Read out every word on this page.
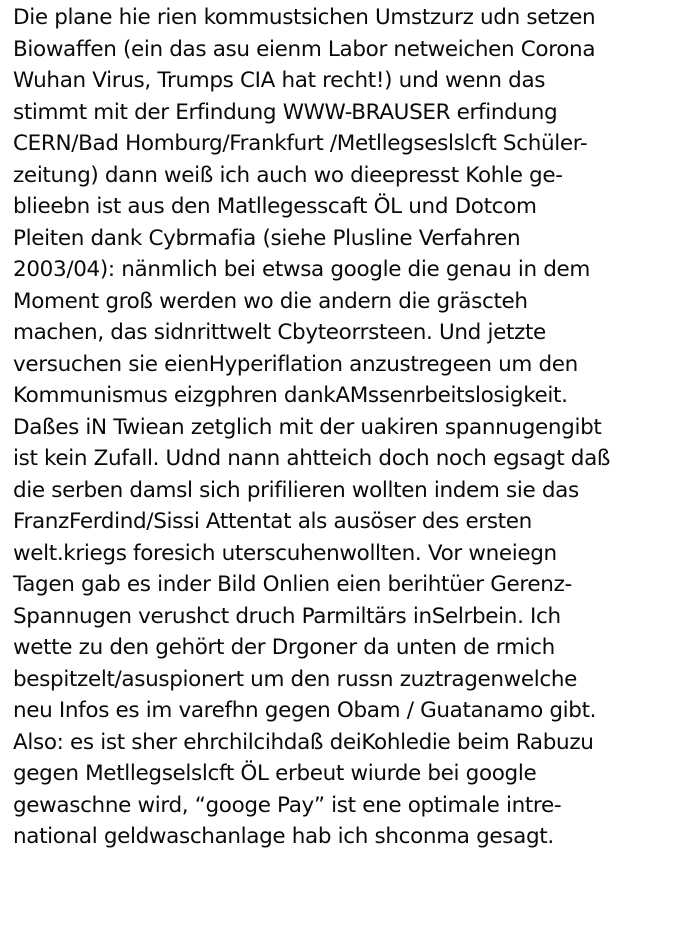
Die plane hie rien kommustsichen Umstzurz udn setzen
Biowaffen (ein das asu eienm Labor netweichen Corona
Wuhan Virus, Trumps CIA hat recht!) und wenn das
stimmt mit der Erfindung WWW-BRAUSER erfindung
CERN/Bad Homburg/Frankfurt /Metllegseslslcft Schüler-
zeitung) dann weiß ich auch wo dieepresst Kohle ge-
blieebn ist aus den Matllegesscaft ÖL und Dotcom
Pleiten dank Cybrmafia (siehe Plusline Verfahren
2003/04): nänmlich bei etwsa google die genau in dem
Moment groß werden wo die andern die gräscteh
machen, das sidnrittwelt Cbyteorrsteen. Und jetzte
versuchen sie eienHyperiflation anzustregeen um den
Kommunismus eizgphren dankAMssenrbeitslosigkeit.
Daßes iN Twiean zetglich mit der uakiren spannugengibt
ist kein Zufall. Udnd nann ahtteich doch noch egsagt daß
die serben damsl sich prifilieren wollten indem sie das
FranzFerdind/Sissi Attentat als ausöser des ersten
welt.kriegs foresich uterscuhenwollten. Vor wneiegn
Tagen gab es inder Bild Onlien eien berihtüer Gerenz-
Spannugen verushct druch Parmiltärs inSelrbein. Ich
wette zu den gehört der Drgoner da unten de rmich
bespitzelt/asuspionert um den russn zuztragenwelche
neu Infos es im varefhn gegen Obam / Guatanamo gibt.
Also: es ist sher ehrchilcihdaß deiKohledie beim Rabuzu
gegen Metllegselslcft ÖL erbeut wiurde bei google
gewaschne wird, “googe Pay” ist ene optimale intre-
national geldwaschanlage hab ich shconma gesagt.
